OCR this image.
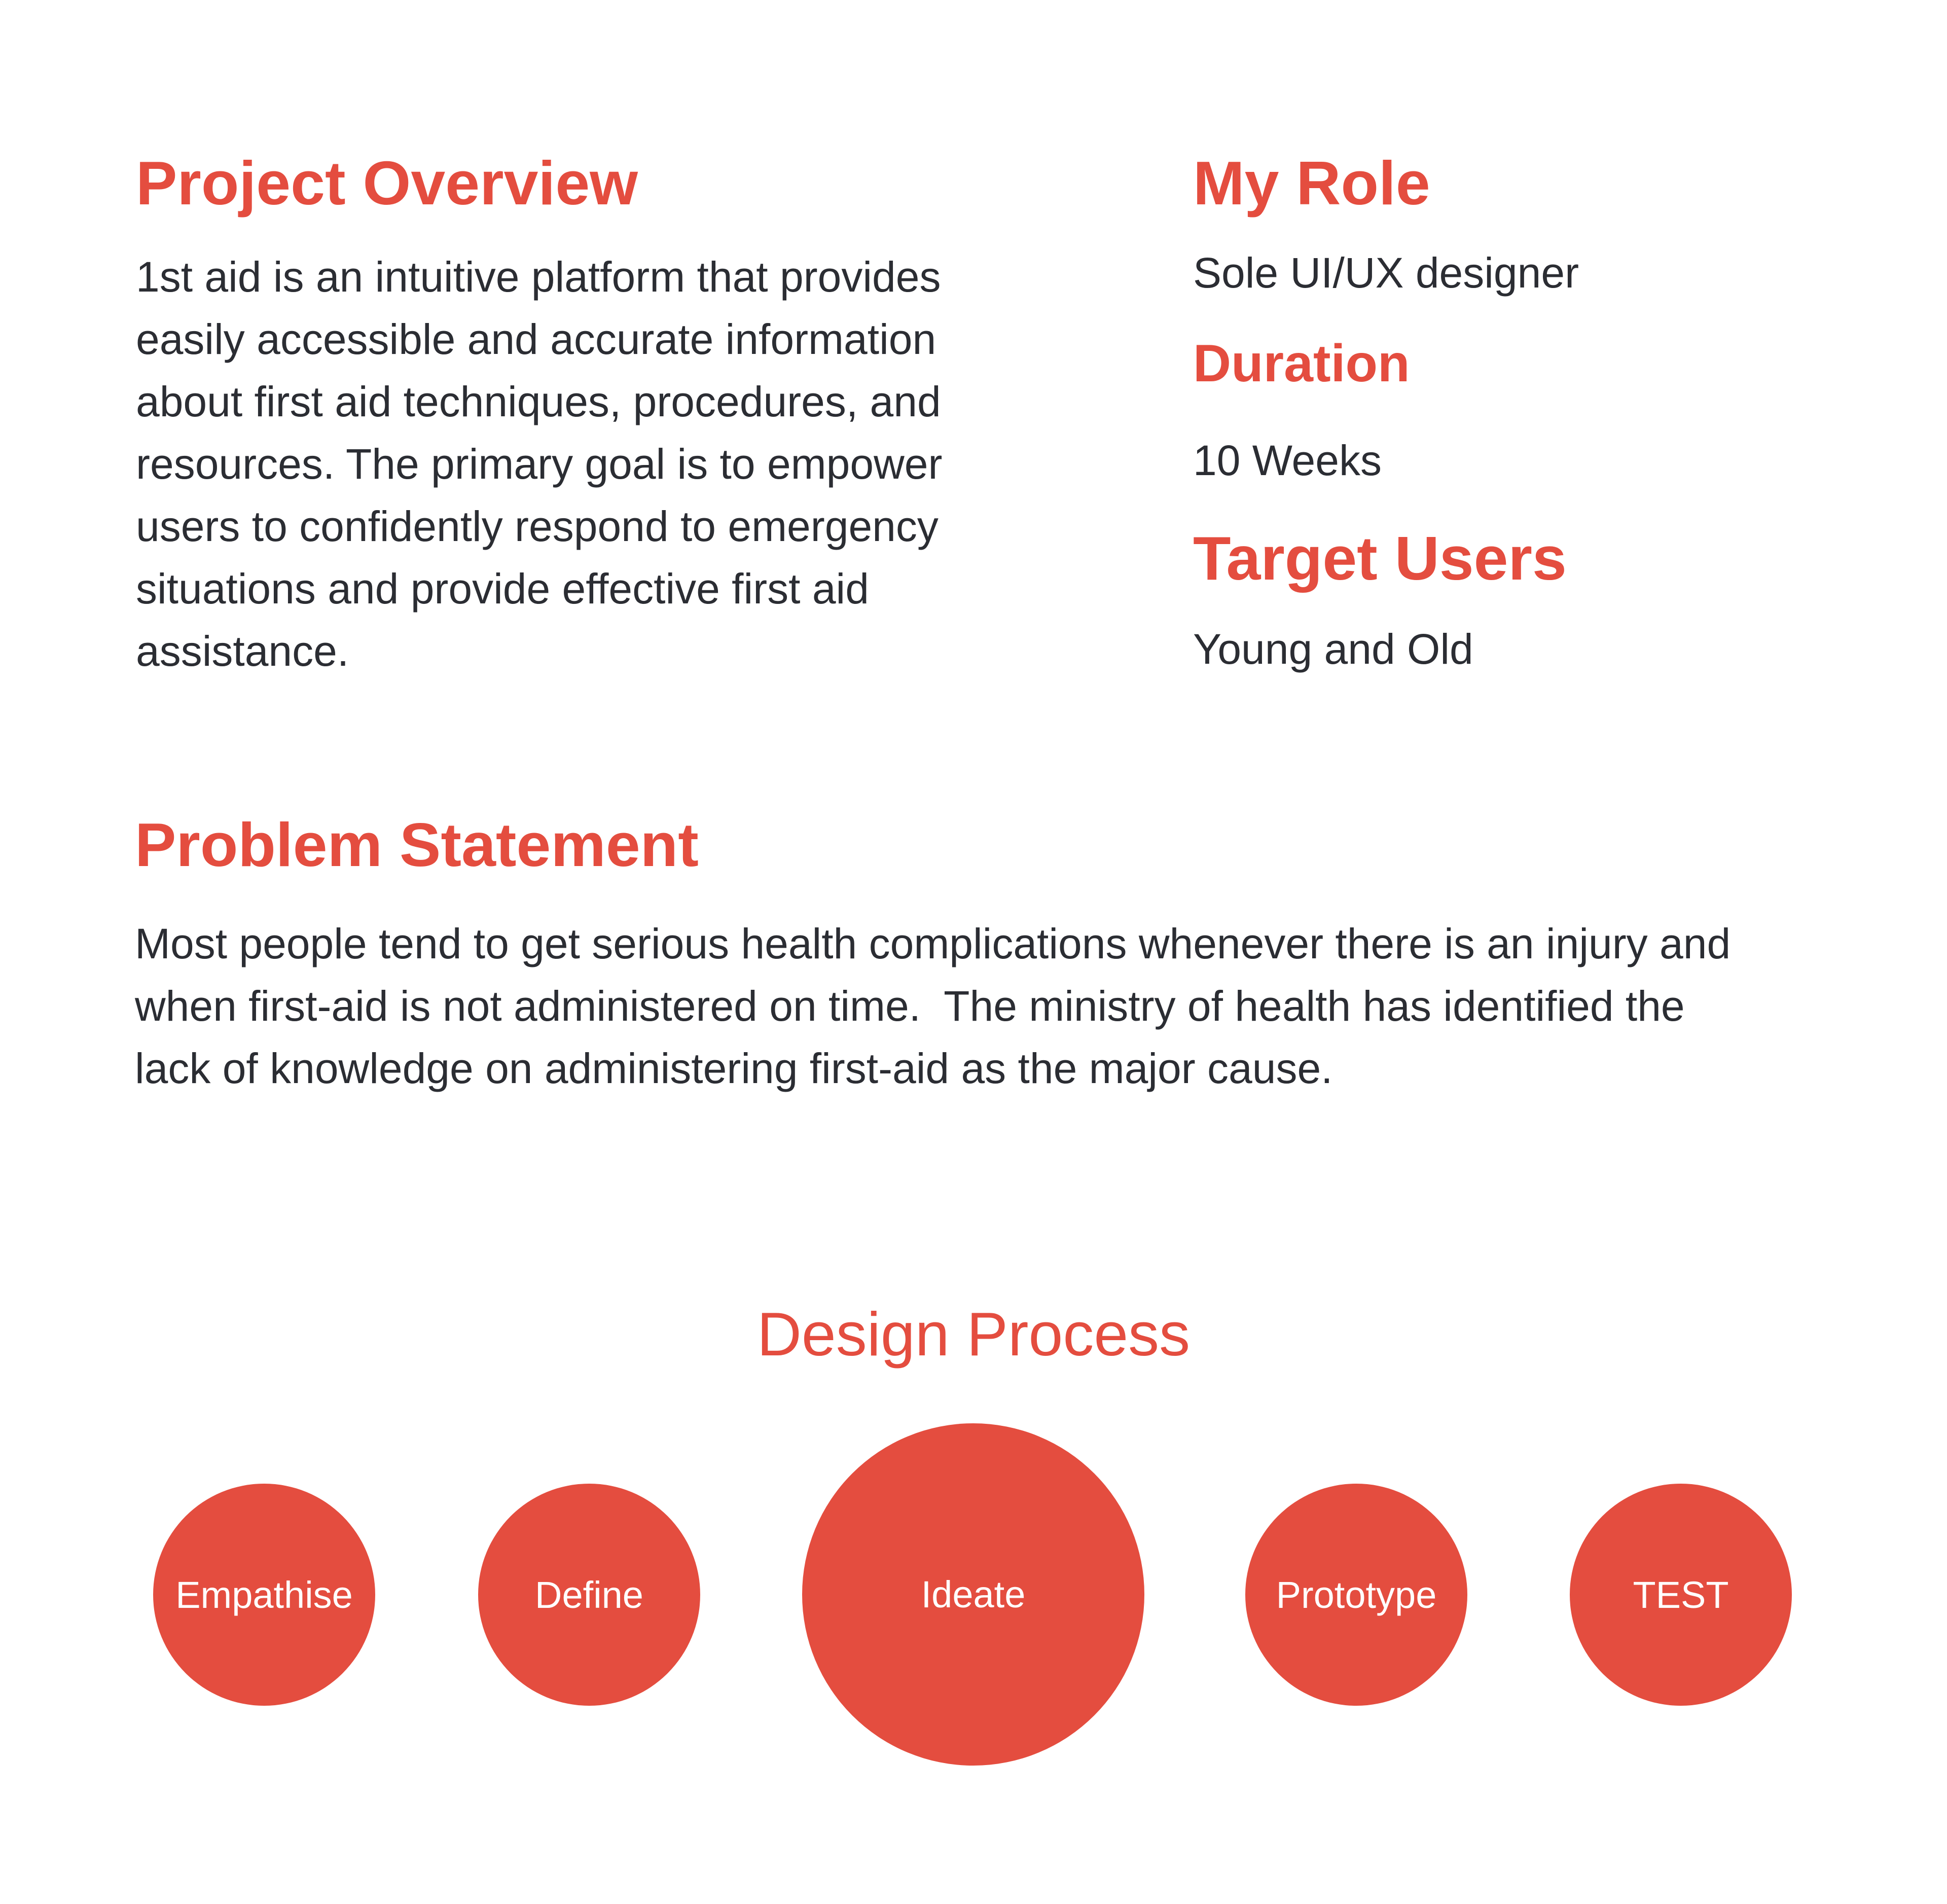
Project Overview
1st aid is an intuitive platform that provides
easily accessible and accurate information
about first aid techniques, procedures, and
resources. The primary goal is to empower
users to confidently respond to emergency
situations and provide effective first aid
assistance.
My Role
Sole UI/UX designer
Duration
10 Weeks
Target Users
Young and Old
Problem Statement
Most people tend to get serious health complications whenever there is an injury and
when first-aid is not administered on time.  The ministry of health has identified the
lack of knowledge on administering first-aid as the major cause.
Design Process
Empathise	Define	Ideate	Prototype	TEST
